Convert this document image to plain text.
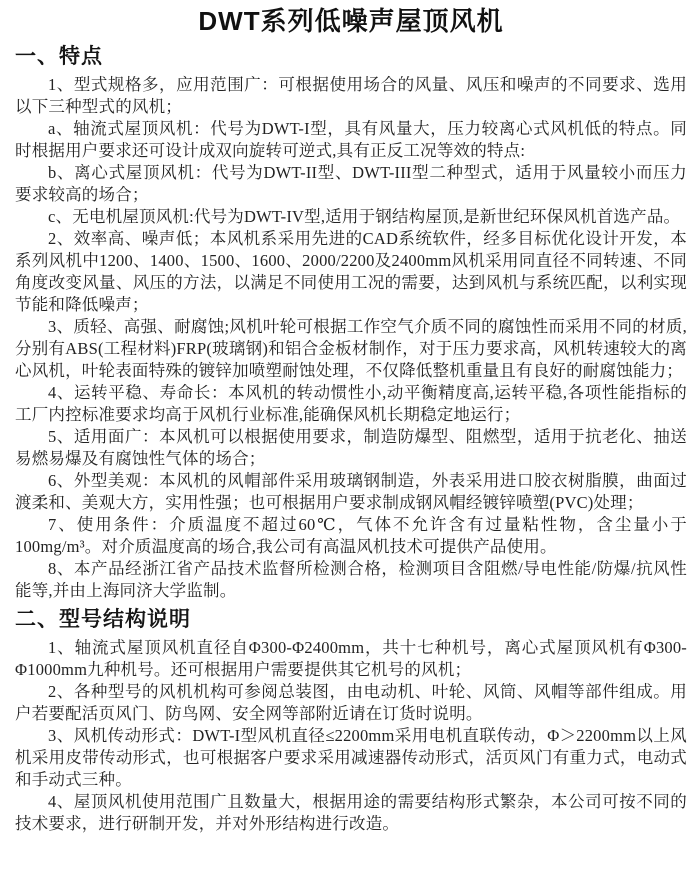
DWT系列低噪声屋顶风机
一、特点

1、型式规格多，应用范围广：可根据使用场合的风量、风压和噪声的不同要求、选用以下三种型式的风机；

a、轴流式屋顶风机：代号为DWT-I型，具有风量大，压力较离心式风机低的特点。同时根据用户要求还可设计成双向旋转可逆式,具有正反工况等效的特点:

b、离心式屋顶风机：代号为DWT-II型、DWT-III型二种型式，适用于风量较小而压力要求较高的场合；

c、无电机屋顶风机:代号为DWT-IV型,适用于钢结构屋顶,是新世纪环保风机首选产品。

2、效率高、噪声低；本风机系采用先进的CAD系统软件，经多目标优化设计开发，本系列风机中1200、1400、1500、1600、2000/2200及2400mm风机采用同直径不同转速、不同角度改变风量、风压的方法，以满足不同使用工况的需要，达到风机与系统匹配，以利实现节能和降低噪声；

3、质轻、高强、耐腐蚀;风机叶轮可根据工作空气介质不同的腐蚀性而采用不同的材质,分别有ABS(工程材料)FRP(玻璃钢)和铝合金板材制作，对于压力要求高，风机转速较大的离心风机，叶轮表面特殊的镀锌加喷塑耐蚀处理，不仅降低整机重量且有良好的耐腐蚀能力；

4、运转平稳、寿命长：本风机的转动惯性小,动平衡精度高,运转平稳,各项性能指标的工厂内控标准要求均高于风机行业标准,能确保风机长期稳定地运行；

5、适用面广：本风机可以根据使用要求，制造防爆型、阻燃型，适用于抗老化、抽送易燃易爆及有腐蚀性气体的场合；

6、外型美观：本风机的风帽部件采用玻璃钢制造，外表采用进口胶衣树脂膜，曲面过渡柔和、美观大方，实用性强；也可根据用户要求制成钢风帽经镀锌喷塑(PVC)处理；

7、使用条件：介质温度不超过60℃，气体不允许含有过量粘性物，含尘量小于100mg/m³。对介质温度高的场合,我公司有高温风机技术可提供产品使用。

8、本产品经浙江省产品技术监督所检测合格，检测项目含阻燃/导电性能/防爆/抗风性能等,并由上海同济大学监制。

二、型号结构说明

1、轴流式屋顶风机直径自Φ300-Φ2400mm，共十七种机号，离心式屋顶风机有Φ300-Φ1000mm九种机号。还可根据用户需要提供其它机号的风机；

2、各种型号的风机机构可参阅总装图，由电动机、叶轮、风筒、风帽等部件组成。用户若要配活页风门、防鸟网、安全网等部附近请在订货时说明。

3、风机传动形式：DWT-I型风机直径≤2200mm采用电机直联传动，Φ＞2200mm以上风机采用皮带传动形式，也可根据客户要求采用减速器传动形式，活页风门有重力式，电动式和手动式三种。

4、屋顶风机使用范围广且数量大，根据用途的需要结构形式繁杂，本公司可按不同的技术要求，进行研制开发，并对外形结构进行改造。
